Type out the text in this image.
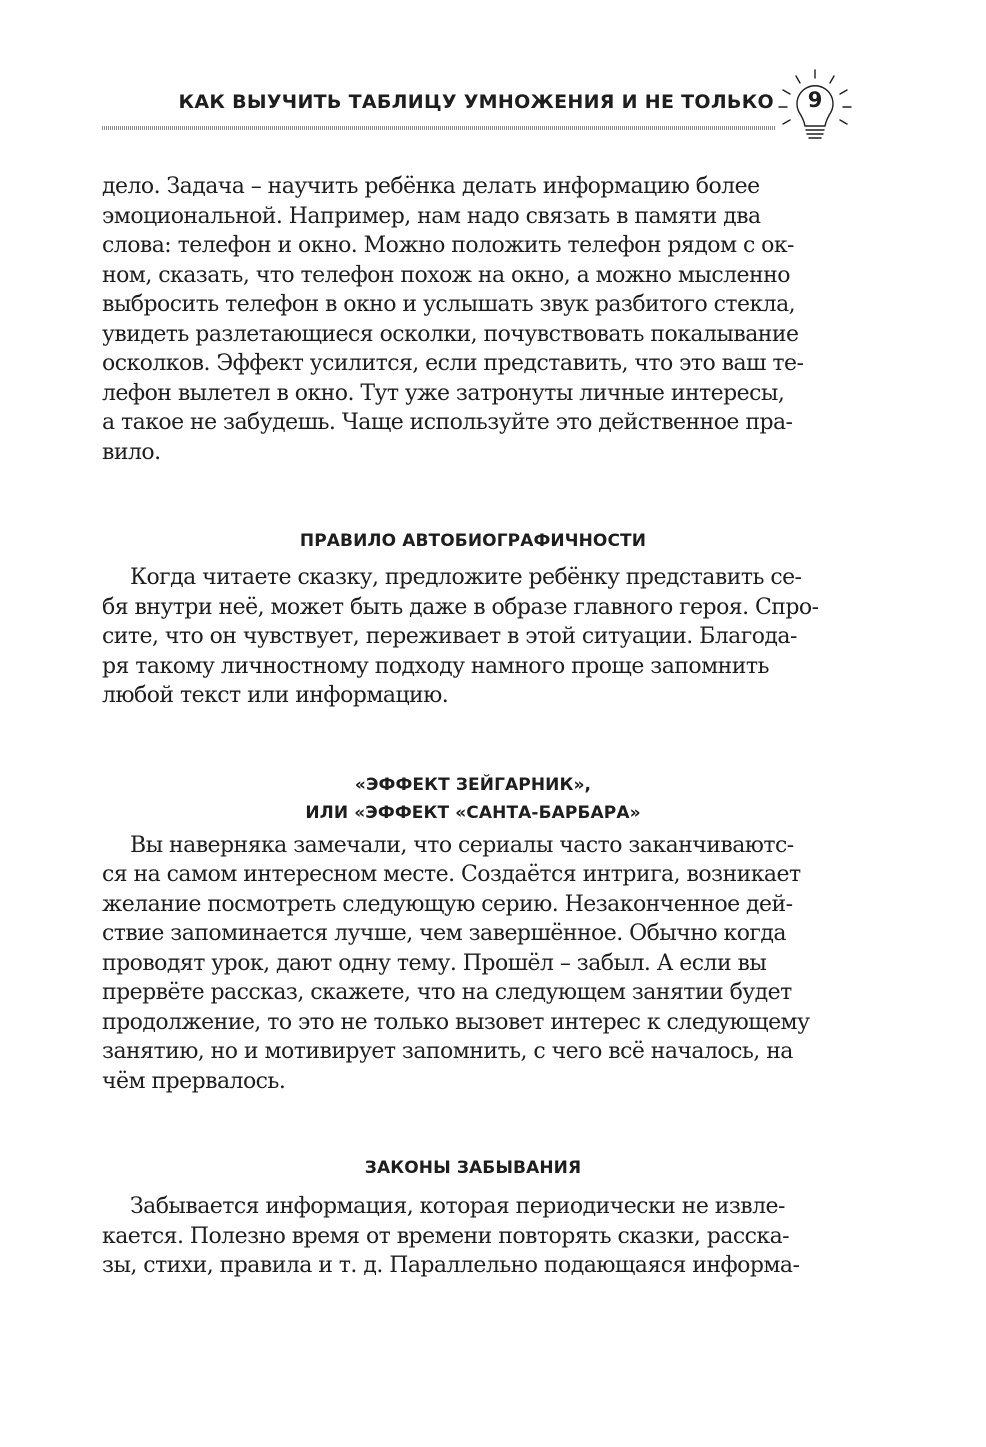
КАК ВЫУЧИТЬ ТАБЛИЦУ УМНОЖЕНИЯ И НЕ ТОЛЬКО	9

дело. Задача – научить ребёнка делать информацию более
эмоциональной. Например, нам надо связать в памяти два
слова: телефон и окно. Можно положить телефон рядом с ок-
ном, сказать, что телефон похож на окно, а можно мысленно
выбросить телефон в окно и услышать звук разбитого стекла,
увидеть разлетающиеся осколки, почувствовать покалывание
осколков. Эффект усилится, если представить, что это ваш те-
лефон вылетел в окно. Тут уже затронуты личные интересы,
а такое не забудешь. Чаще используйте это действенное пра-
вило.

ПРАВИЛО АВТОБИОГРАФИЧНОСТИ

Когда читаете сказку, предложите ребёнку представить се-
бя внутри неё, может быть даже в образе главного героя. Спро-
сите, что он чувствует, переживает в этой ситуации. Благода-
ря такому личностному подходу намного проще запомнить
любой текст или информацию.

«ЭФФЕКТ ЗЕЙГАРНИК»,
ИЛИ «ЭФФЕКТ «САНТА-БАРБАРА»

Вы наверняка замечали, что сериалы часто заканчиваютс-
ся на самом интересном месте. Создаётся интрига, возникает
желание посмотреть следующую серию. Незаконченное дей-
ствие запоминается лучше, чем завершённое. Обычно когда
проводят урок, дают одну тему. Прошёл – забыл. А если вы
прервёте рассказ, скажете, что на следующем занятии будет
продолжение, то это не только вызовет интерес к следующему
занятию, но и мотивирует запомнить, с чего всё началось, на
чём прервалось.

ЗАКОНЫ ЗАБЫВАНИЯ

Забывается информация, которая периодически не извле-
кается. Полезно время от времени повторять сказки, расска-
зы, стихи, правила и т. д. Параллельно подающаяся информа-
